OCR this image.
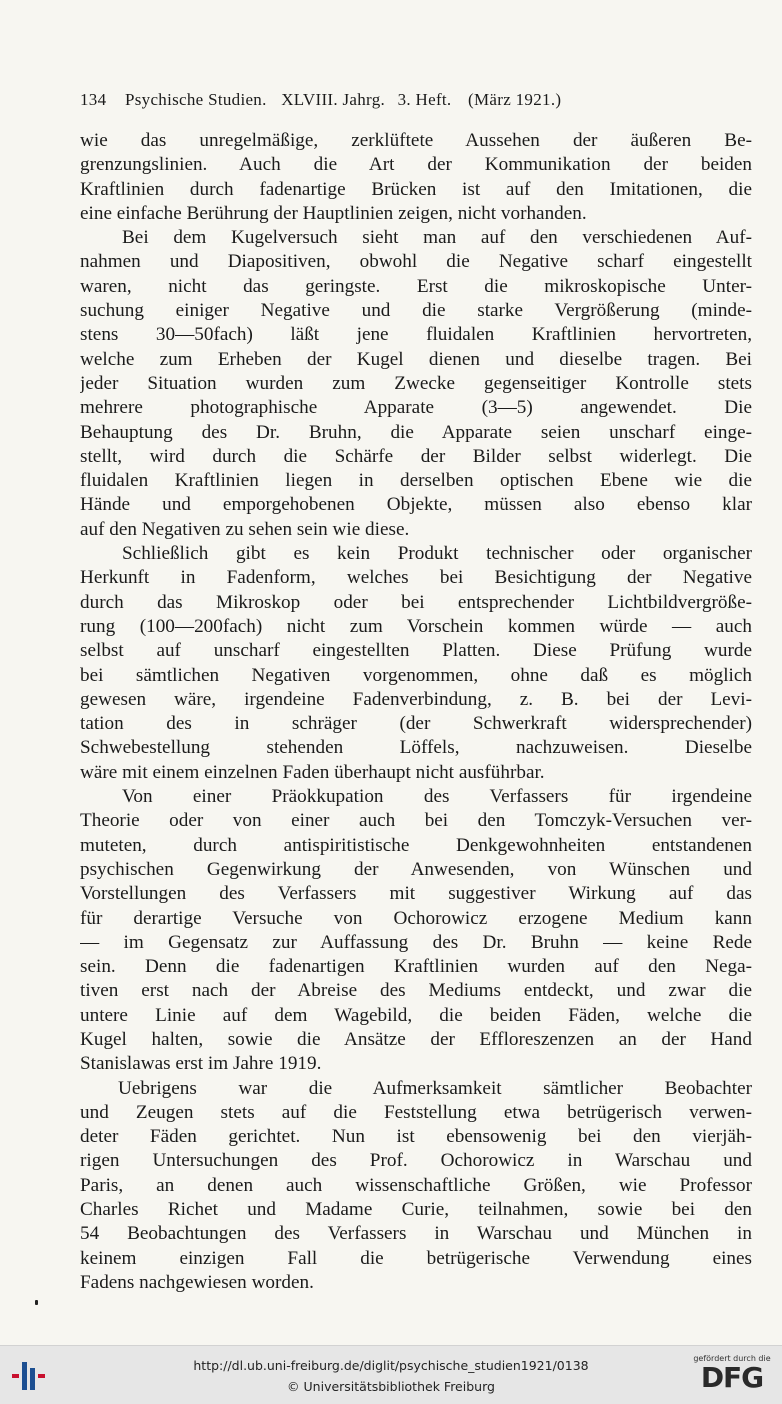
134 Psychische Studien. XLVIII. Jahrg. 3. Heft. (März 1921.)
wie das unregelmäßige, zerklüftete Aussehen der äußeren Be-
grenzungslinien. Auch die Art der Kommunikation der beiden
Kraftlinien durch fadenartige Brücken ist auf den Imitationen, die
eine einfache Berührung der Hauptlinien zeigen, nicht vorhanden.
Bei dem Kugelversuch sieht man auf den verschiedenen Auf-
nahmen und Diapositiven, obwohl die Negative scharf eingestellt
waren, nicht das geringste. Erst die mikroskopische Unter-
suchung einiger Negative und die starke Vergrößerung (minde-
stens 30—50fach) läßt jene fluidalen Kraftlinien hervortreten,
welche zum Erheben der Kugel dienen und dieselbe tragen. Bei
jeder Situation wurden zum Zwecke gegenseitiger Kontrolle stets
mehrere photographische Apparate (3—5) angewendet. Die
Behauptung des Dr. Bruhn, die Apparate seien unscharf einge-
stellt, wird durch die Schärfe der Bilder selbst widerlegt. Die
fluidalen Kraftlinien liegen in derselben optischen Ebene wie die
Hände und emporgehobenen Objekte, müssen also ebenso klar
auf den Negativen zu sehen sein wie diese.
Schließlich gibt es kein Produkt technischer oder organischer
Herkunft in Fadenform, welches bei Besichtigung der Negative
durch das Mikroskop oder bei entsprechender Lichtbildvergröße-
rung (100—200fach) nicht zum Vorschein kommen würde — auch
selbst auf unscharf eingestellten Platten. Diese Prüfung wurde
bei sämtlichen Negativen vorgenommen, ohne daß es möglich
gewesen wäre, irgendeine Fadenverbindung, z. B. bei der Levi-
tation des in schräger (der Schwerkraft widersprechender)
Schwebestellung stehenden Löffels, nachzuweisen. Dieselbe
wäre mit einem einzelnen Faden überhaupt nicht ausführbar.
Von einer Präokkupation des Verfassers für irgendeine
Theorie oder von einer auch bei den Tomczyk-Versuchen ver-
muteten, durch antispiritistische Denkgewohnheiten entstandenen
psychischen Gegenwirkung der Anwesenden, von Wünschen und
Vorstellungen des Verfassers mit suggestiver Wirkung auf das
für derartige Versuche von Ochorowicz erzogene Medium kann
— im Gegensatz zur Auffassung des Dr. Bruhn — keine Rede
sein. Denn die fadenartigen Kraftlinien wurden auf den Nega-
tiven erst nach der Abreise des Mediums entdeckt, und zwar die
untere Linie auf dem Wagebild, die beiden Fäden, welche die
Kugel halten, sowie die Ansätze der Effloreszenzen an der Hand
Stanislawas erst im Jahre 1919.
Uebrigens war die Aufmerksamkeit sämtlicher Beobachter
und Zeugen stets auf die Feststellung etwa betrügerisch verwen-
deter Fäden gerichtet. Nun ist ebensowenig bei den vierjäh-
rigen Untersuchungen des Prof. Ochorowicz in Warschau und
Paris, an denen auch wissenschaftliche Größen, wie Professor
Charles Richet und Madame Curie, teilnahmen, sowie bei den
54 Beobachtungen des Verfassers in Warschau und München in
keinem einzigen Fall die betrügerische Verwendung eines
Fadens nachgewiesen worden.
http://dl.ub.uni-freiburg.de/diglit/psychische_studien1921/0138
© Universitätsbibliothek Freiburg
gefördert durch die
DFG
